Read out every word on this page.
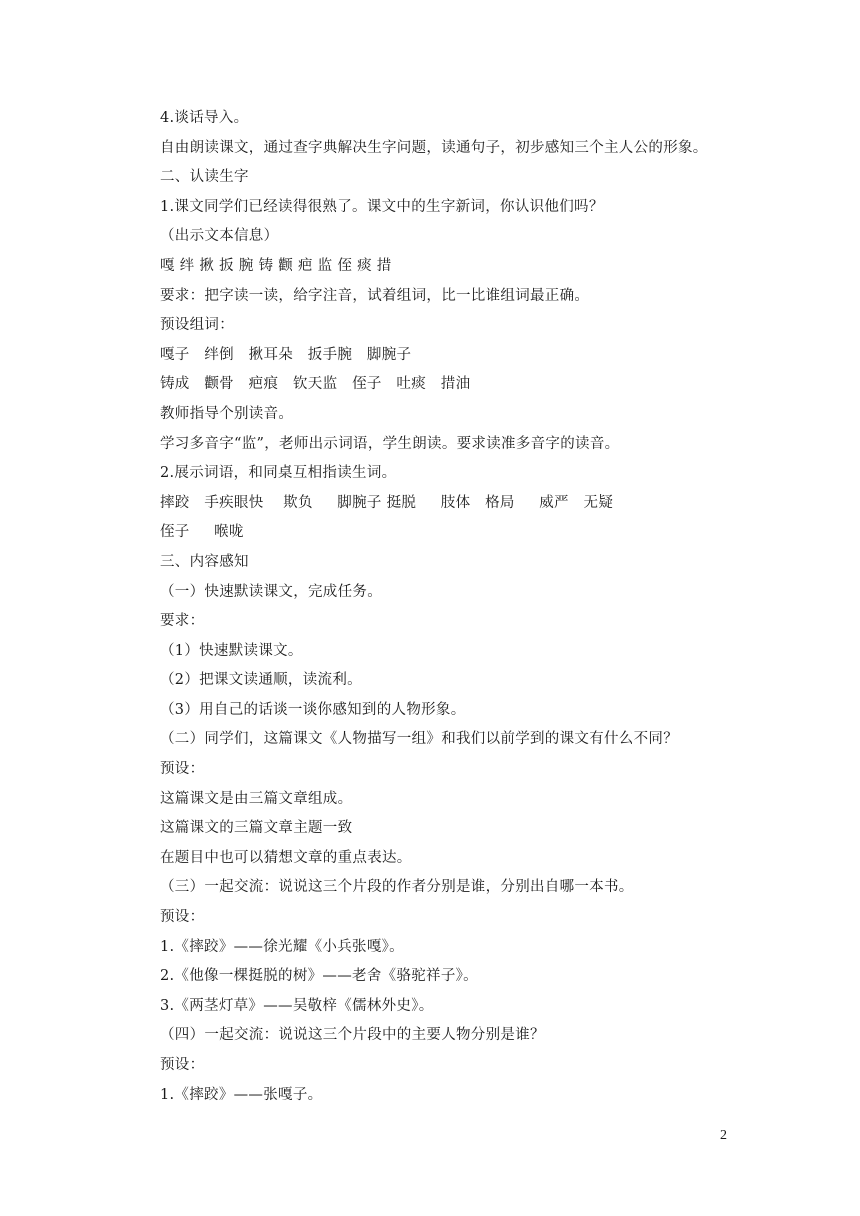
4.谈话导入。
自由朗读课文，通过查字典解决生字问题，读通句子，初步感知三个主人公的形象。
二、认读生字
1.课文同学们已经读得很熟了。课文中的生字新词，你认识他们吗？
（出示文本信息）
嘎 绊 揪 扳 腕 铸 颧 疤 监 侄 痰 措
要求：把字读一读，给字注音，试着组词，比一比谁组词最正确。
预设组词：
嘎子   绊倒   揪耳朵   扳手腕   脚腕子
铸成   颧骨   疤痕   钦天监   侄子   吐痰   措油
教师指导个别读音。
学习多音字“监”，老师出示词语，学生朗读。要求读准多音字的读音。
2.展示词语，和同桌互相指读生词。
摔跤   手疾眼快    欺负     脚腕子 挺脱     肢体   格局     威严   无疑
侄子     喉咙
三、内容感知
（一）快速默读课文，完成任务。
要求：
（1）快速默读课文。
（2）把课文读通顺，读流利。
（3）用自己的话谈一谈你感知到的人物形象。
（二）同学们，这篇课文《人物描写一组》和我们以前学到的课文有什么不同？
预设：
这篇课文是由三篇文章组成。
这篇课文的三篇文章主题一致
在题目中也可以猜想文章的重点表达。
（三）一起交流：说说这三个片段的作者分别是谁，分别出自哪一本书。
预设：
1.《摔跤》——徐光耀《小兵张嘎》。
2.《他像一棵挺脱的树》——老舍《骆驼祥子》。
3.《两茎灯草》——吴敬梓《儒林外史》。
（四）一起交流：说说这三个片段中的主要人物分别是谁？
预设：
1.《摔跤》——张嘎子。
2
